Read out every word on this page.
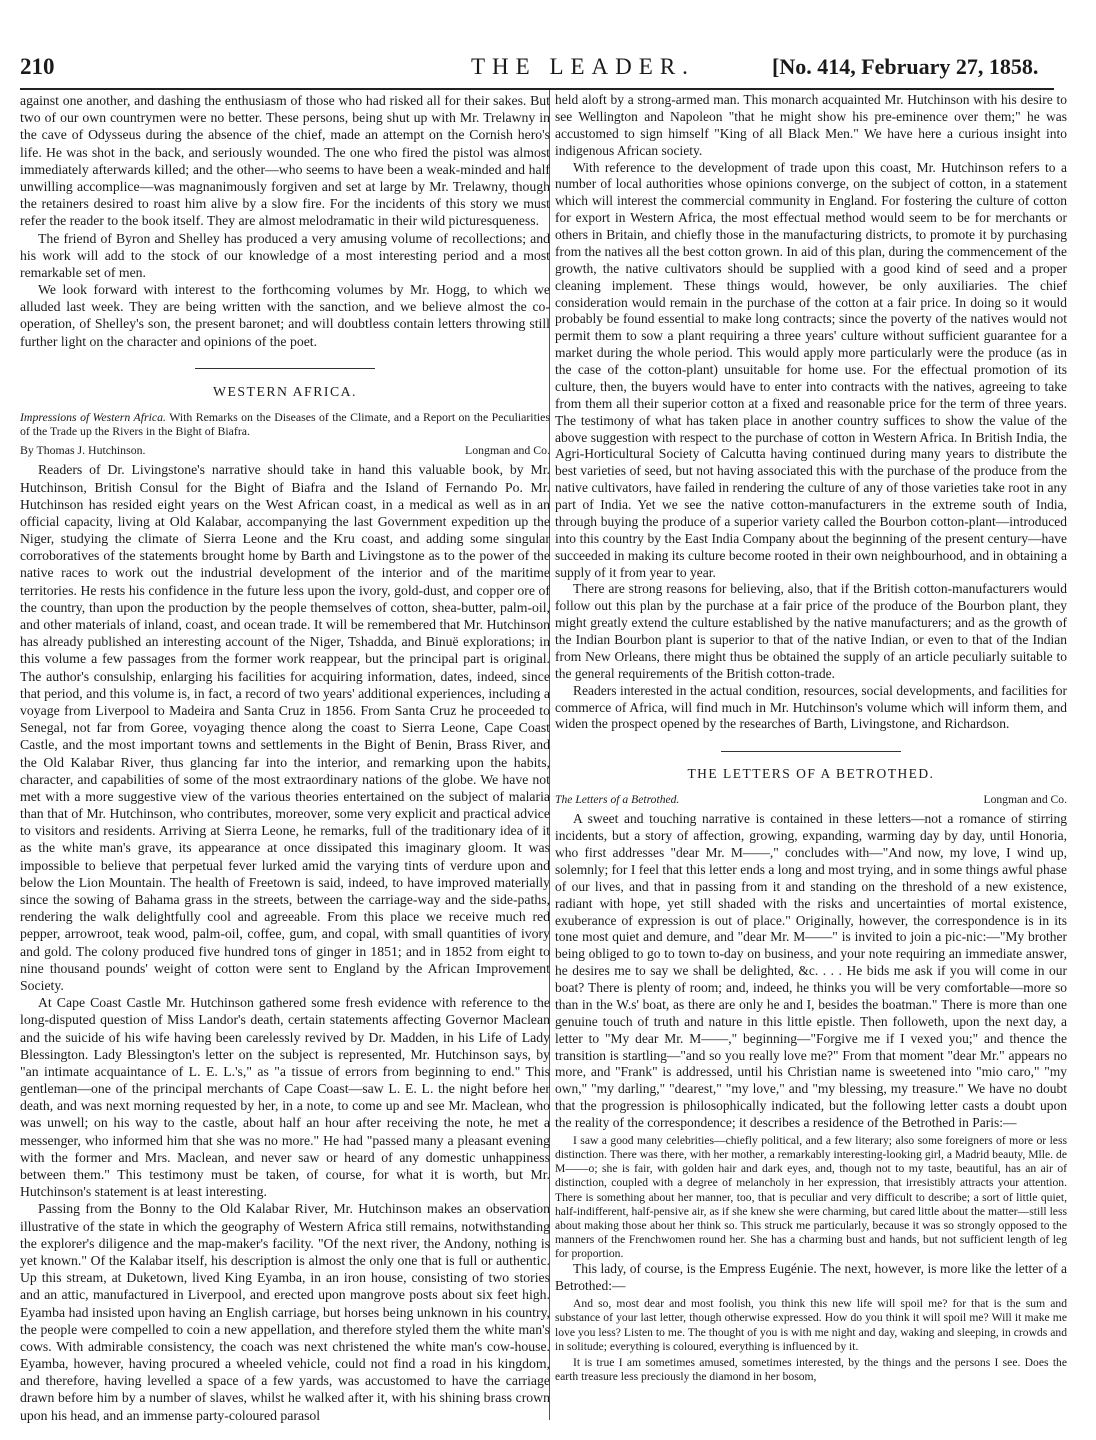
210	THE LEADER.	[No. 414, February 27, 1858.

against one another, and dashing the enthusiasm of those who had risked all for their sakes. But two of our own countrymen were no better. These persons, being shut up with Mr. Trelawny in the cave of Odysseus during the absence of the chief, made an attempt on the Cornish hero's life. He was shot in the back, and seriously wounded. The one who fired the pistol was almost immediately afterwards killed; and the other—who seems to have been a weak-minded and half unwilling accomplice—was magnanimously forgiven and set at large by Mr. Trelawny, though the retainers desired to roast him alive by a slow fire. For the incidents of this story we must refer the reader to the book itself. They are almost melodramatic in their wild picturesqueness.

The friend of Byron and Shelley has produced a very amusing volume of recollections; and his work will add to the stock of our knowledge of a most interesting period and a most remarkable set of men.

We look forward with interest to the forthcoming volumes by Mr. Hogg, to which we alluded last week. They are being written with the sanction, and we believe almost the co-operation, of Shelley's son, the present baronet; and will doubtless contain letters throwing still further light on the character and opinions of the poet.

WESTERN AFRICA.

Impressions of Western Africa. With Remarks on the Diseases of the Climate, and a Report on the Peculiarities of the Trade up the Rivers in the Bight of Biafra.

By Thomas J. Hutchinson.	Longman and Co.

Readers of Dr. Livingstone's narrative should take in hand this valuable book, by Mr. Hutchinson, British Consul for the Bight of Biafra and the Island of Fernando Po. Mr. Hutchinson has resided eight years on the West African coast, in a medical as well as in an official capacity, living at Old Kalabar, accompanying the last Government expedition up the Niger, studying the climate of Sierra Leone and the Kru coast, and adding some singular corroboratives of the statements brought home by Barth and Livingstone as to the power of the native races to work out the industrial development of the interior and of the maritime territories. He rests his confidence in the future less upon the ivory, gold-dust, and copper ore of the country, than upon the production by the people themselves of cotton, shea-butter, palm-oil, and other materials of inland, coast, and ocean trade. It will be remembered that Mr. Hutchinson has already published an interesting account of the Niger, Tshadda, and Binuë explorations; in this volume a few passages from the former work reappear, but the principal part is original. The author's consulship, enlarging his facilities for acquiring information, dates, indeed, since that period, and this volume is, in fact, a record of two years' additional experiences, including a voyage from Liverpool to Madeira and Santa Cruz in 1856. From Santa Cruz he proceeded to Senegal, not far from Goree, voyaging thence along the coast to Sierra Leone, Cape Coast Castle, and the most important towns and settlements in the Bight of Benin, Brass River, and the Old Kalabar River, thus glancing far into the interior, and remarking upon the habits, character, and capabilities of some of the most extraordinary nations of the globe. We have not met with a more suggestive view of the various theories entertained on the subject of malaria than that of Mr. Hutchinson, who contributes, moreover, some very explicit and practical advice to visitors and residents. Arriving at Sierra Leone, he remarks, full of the traditionary idea of it as the white man's grave, its appearance at once dissipated this imaginary gloom. It was impossible to believe that perpetual fever lurked amid the varying tints of verdure upon and below the Lion Mountain. The health of Freetown is said, indeed, to have improved materially since the sowing of Bahama grass in the streets, between the carriage-way and the side-paths, rendering the walk delightfully cool and agreeable. From this place we receive much red pepper, arrowroot, teak wood, palm-oil, coffee, gum, and copal, with small quantities of ivory and gold. The colony produced five hundred tons of ginger in 1851; and in 1852 from eight to nine thousand pounds' weight of cotton were sent to England by the African Improvement Society.

At Cape Coast Castle Mr. Hutchinson gathered some fresh evidence with reference to the long-disputed question of Miss Landor's death, certain statements affecting Governor Maclean and the suicide of his wife having been carelessly revived by Dr. Madden, in his Life of Lady Blessington. Lady Blessington's letter on the subject is represented, Mr. Hutchinson says, by "an intimate acquaintance of L. E. L.'s," as "a tissue of errors from beginning to end." This gentleman—one of the principal merchants of Cape Coast—saw L. E. L. the night before her death, and was next morning requested by her, in a note, to come up and see Mr. Maclean, who was unwell; on his way to the castle, about half an hour after receiving the note, he met a messenger, who informed him that she was no more." He had "passed many a pleasant evening with the former and Mrs. Maclean, and never saw or heard of any domestic unhappiness between them." This testimony must be taken, of course, for what it is worth, but Mr. Hutchinson's statement is at least interesting.

Passing from the Bonny to the Old Kalabar River, Mr. Hutchinson makes an observation illustrative of the state in which the geography of Western Africa still remains, notwithstanding the explorer's diligence and the map-maker's facility. "Of the next river, the Andony, nothing is yet known." Of the Kalabar itself, his description is almost the only one that is full or authentic. Up this stream, at Duketown, lived King Eyamba, in an iron house, consisting of two stories and an attic, manufactured in Liverpool, and erected upon mangrove posts about six feet high. Eyamba had insisted upon having an English carriage, but horses being unknown in his country, the people were compelled to coin a new appellation, and therefore styled them the white man's cows. With admirable consistency, the coach was next christened the white man's cow-house. Eyamba, however, having procured a wheeled vehicle, could not find a road in his kingdom, and therefore, having levelled a space of a few yards, was accustomed to have the carriage drawn before him by a number of slaves, whilst he walked after it, with his shining brass crown upon his head, and an immense party-coloured parasol

held aloft by a strong-armed man. This monarch acquainted Mr. Hutchinson with his desire to see Wellington and Napoleon "that he might show his pre-eminence over them;" he was accustomed to sign himself "King of all Black Men." We have here a curious insight into indigenous African society.

With reference to the development of trade upon this coast, Mr. Hutchinson refers to a number of local authorities whose opinions converge, on the subject of cotton, in a statement which will interest the commercial community in England. For fostering the culture of cotton for export in Western Africa, the most effectual method would seem to be for merchants or others in Britain, and chiefly those in the manufacturing districts, to promote it by purchasing from the natives all the best cotton grown. In aid of this plan, during the commencement of the growth, the native cultivators should be supplied with a good kind of seed and a proper cleaning implement. These things would, however, be only auxiliaries. The chief consideration would remain in the purchase of the cotton at a fair price. In doing so it would probably be found essential to make long contracts; since the poverty of the natives would not permit them to sow a plant requiring a three years' culture without sufficient guarantee for a market during the whole period. This would apply more particularly were the produce (as in the case of the cotton-plant) unsuitable for home use. For the effectual promotion of its culture, then, the buyers would have to enter into contracts with the natives, agreeing to take from them all their superior cotton at a fixed and reasonable price for the term of three years. The testimony of what has taken place in another country suffices to show the value of the above suggestion with respect to the purchase of cotton in Western Africa. In British India, the Agri-Horticultural Society of Calcutta having continued during many years to distribute the best varieties of seed, but not having associated this with the purchase of the produce from the native cultivators, have failed in rendering the culture of any of those varieties take root in any part of India. Yet we see the native cotton-manufacturers in the extreme south of India, through buying the produce of a superior variety called the Bourbon cotton-plant—introduced into this country by the East India Company about the beginning of the present century—have succeeded in making its culture become rooted in their own neighbourhood, and in obtaining a supply of it from year to year.

There are strong reasons for believing, also, that if the British cotton-manufacturers would follow out this plan by the purchase at a fair price of the produce of the Bourbon plant, they might greatly extend the culture established by the native manufacturers; and as the growth of the Indian Bourbon plant is superior to that of the native Indian, or even to that of the Indian from New Orleans, there might thus be obtained the supply of an article peculiarly suitable to the general requirements of the British cotton-trade.

Readers interested in the actual condition, resources, social developments, and facilities for commerce of Africa, will find much in Mr. Hutchinson's volume which will inform them, and widen the prospect opened by the researches of Barth, Livingstone, and Richardson.

THE LETTERS OF A BETROTHED.
The Letters of a Betrothed.	Longman and Co.

A sweet and touching narrative is contained in these letters—not a romance of stirring incidents, but a story of affection, growing, expanding, warming day by day, until Honoria, who first addresses "dear Mr. M——," concludes with—"And now, my love, I wind up, solemnly; for I feel that this letter ends a long and most trying, and in some things awful phase of our lives, and that in passing from it and standing on the threshold of a new existence, radiant with hope, yet still shaded with the risks and uncertainties of mortal existence, exuberance of expression is out of place." Originally, however, the correspondence is in its tone most quiet and demure, and "dear Mr. M——" is invited to join a pic-nic:—"My brother being obliged to go to town to-day on business, and your note requiring an immediate answer, he desires me to say we shall be delighted, &c. . . . He bids me ask if you will come in our boat? There is plenty of room; and, indeed, he thinks you will be very comfortable—more so than in the W.s' boat, as there are only he and I, besides the boatman." There is more than one genuine touch of truth and nature in this little epistle. Then followeth, upon the next day, a letter to "My dear Mr. M——," beginning—"Forgive me if I vexed you;" and thence the transition is startling—"and so you really love me?" From that moment "dear Mr." appears no more, and "Frank" is addressed, until his Christian name is sweetened into "mio caro," "my own," "my darling," "dearest," "my love," and "my blessing, my treasure." We have no doubt that the progression is philosophically indicated, but the following letter casts a doubt upon the reality of the correspondence; it describes a residence of the Betrothed in Paris:—

I saw a good many celebrities—chiefly political, and a few literary; also some foreigners of more or less distinction. There was there, with her mother, a remarkably interesting-looking girl, a Madrid beauty, Mlle. de M——o; she is fair, with golden hair and dark eyes, and, though not to my taste, beautiful, has an air of distinction, coupled with a degree of melancholy in her expression, that irresistibly attracts your attention. There is something about her manner, too, that is peculiar and very difficult to describe; a sort of little quiet, half-indifferent, half-pensive air, as if she knew she were charming, but cared little about the matter—still less about making those about her think so. This struck me particularly, because it was so strongly opposed to the manners of the Frenchwomen round her. She has a charming bust and hands, but not sufficient length of leg for proportion.

This lady, of course, is the Empress Eugénie. The next, however, is more like the letter of a Betrothed:—

And so, most dear and most foolish, you think this new life will spoil me? for that is the sum and substance of your last letter, though otherwise expressed. How do you think it will spoil me? Will it make me love you less? Listen to me. The thought of you is with me night and day, waking and sleeping, in crowds and in solitude; everything is coloured, everything is influenced by it.

It is true I am sometimes amused, sometimes interested, by the things and the persons I see. Does the earth treasure less preciously the diamond in her bosom,
